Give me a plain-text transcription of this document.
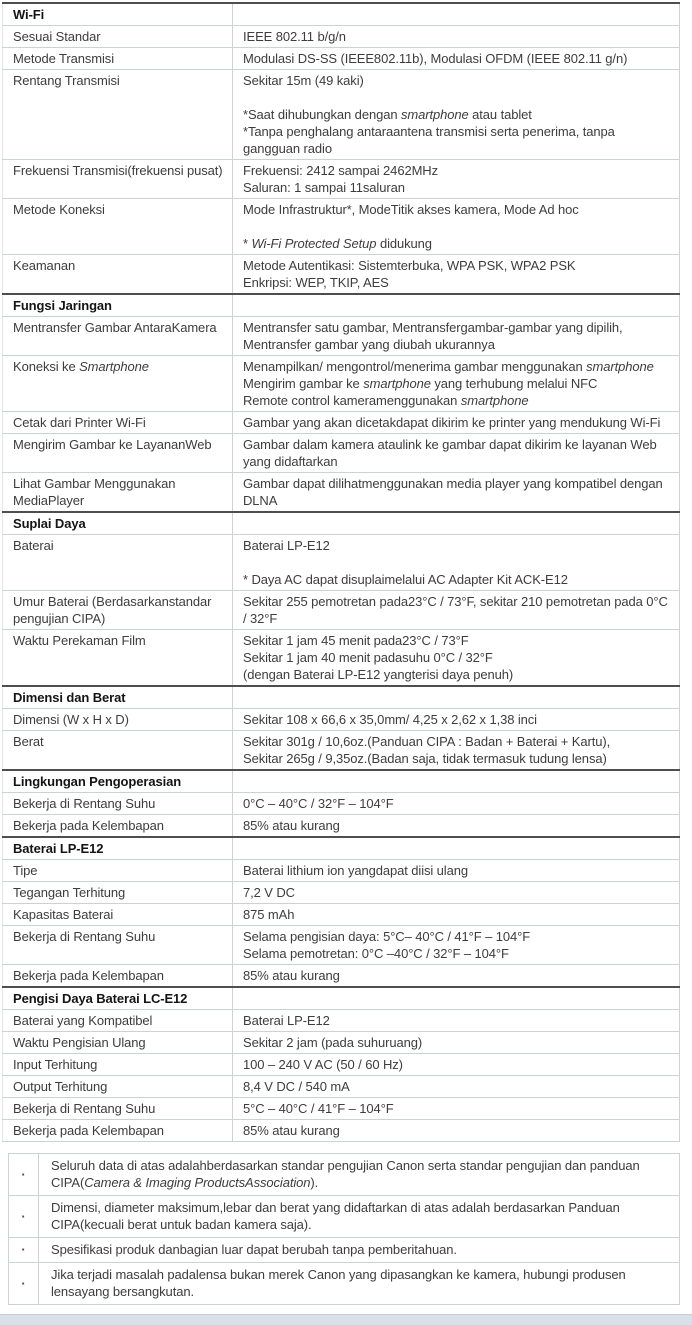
Wi-Fi	
Sesuai Standar	IEEE 802.11 b/g/n

Metode Transmisi	Modulasi DS-SS (IEEE802.11b), Modulasi OFDM (IEEE 802.11 g/n)

Rentang Transmisi	Sekitar 15m (49 kaki)

*Saat dihubungkan dengan smartphone atau tablet
*Tanpa penghalang antaraantena transmisi serta penerima, tanpa gangguan radio

Frekuensi Transmisi(frekuensi pusat)	Frekuensi: 2412 sampai 2462MHz
Saluran: 1 sampai 11saluran

Metode Koneksi	Mode Infrastruktur*, ModeTitik akses kamera, Mode Ad hoc

* Wi-Fi Protected Setup didukung

Keamanan	Metode Autentikasi: Sistemterbuka, WPA PSK, WPA2 PSK
Enkripsi: WEP, TKIP, AES

Fungsi Jaringan	
Mentransfer Gambar AntaraKamera	Mentransfer satu gambar, Mentransfergambar-gambar yang dipilih,
Mentransfer gambar yang diubah ukurannya

Koneksi ke Smartphone	Menampilkan/ mengontrol/menerima gambar menggunakan smartphone
Mengirim gambar ke smartphone yang terhubung melalui NFC
Remote control kameramenggunakan smartphone

Cetak dari Printer Wi-Fi	Gambar yang akan dicetakdapat dikirim ke printer yang mendukung Wi-Fi

Mengirim Gambar ke LayananWeb	Gambar dalam kamera ataulink ke gambar dapat dikirim ke layanan Web yang didaftarkan

Lihat Gambar Menggunakan MediaPlayer	Gambar dapat dilihatmenggunakan media player yang kompatibel dengan DLNA

Suplai Daya	
Baterai	Baterai LP-E12

* Daya AC dapat disuplaimelalui AC Adapter Kit ACK-E12

Umur Baterai (Berdasarkanstandar pengujian CIPA)	Sekitar 255 pemotretan pada23°C / 73°F, sekitar 210 pemotretan pada 0°C / 32°F

Waktu Perekaman Film	Sekitar 1 jam 45 menit pada23°C / 73°F
Sekitar 1 jam 40 menit padasuhu 0°C / 32°F
(dengan Baterai LP-E12 yangterisi daya penuh)

Dimensi dan Berat	
Dimensi (W x H x D)	Sekitar 108 x 66,6 x 35,0mm/ 4,25 x 2,62 x 1,38 inci

Berat	Sekitar 301g / 10,6oz.(Panduan CIPA : Badan + Baterai + Kartu),
Sekitar 265g / 9,35oz.(Badan saja, tidak termasuk tudung lensa)

Lingkungan Pengoperasian	
Bekerja di Rentang Suhu	0°C – 40°C / 32°F – 104°F

Bekerja pada Kelembapan	85% atau kurang

Baterai LP-E12	
Tipe	Baterai lithium ion yangdapat diisi ulang

Tegangan Terhitung	7,2 V DC

Kapasitas Baterai	875 mAh

Bekerja di Rentang Suhu	Selama pengisian daya: 5°C– 40°C / 41°F – 104°F
Selama pemotretan: 0°C –40°C / 32°F – 104°F

Bekerja pada Kelembapan	85% atau kurang

Pengisi Daya Baterai LC-E12	
Baterai yang Kompatibel	Baterai LP-E12

Waktu Pengisian Ulang	Sekitar 2 jam (pada suhuruang)

Input Terhitung	100 – 240 V AC (50 / 60 Hz)

Output Terhitung	8,4 V DC / 540 mA

Bekerja di Rentang Suhu	5°C – 40°C / 41°F – 104°F

Bekerja pada Kelembapan	85% atau kurang
·	Seluruh data di atas adalahberdasarkan standar pengujian Canon serta standar pengujian dan panduan CIPA(Camera & Imaging ProductsAssociation).
·	Dimensi, diameter maksimum,lebar dan berat yang didaftarkan di atas adalah berdasarkan Panduan CIPA(kecuali berat untuk badan kamera saja).
·	Spesifikasi produk danbagian luar dapat berubah tanpa pemberitahuan.
·	Jika terjadi masalah padalensa bukan merek Canon yang dipasangkan ke kamera, hubungi produsen lensayang bersangkutan.
